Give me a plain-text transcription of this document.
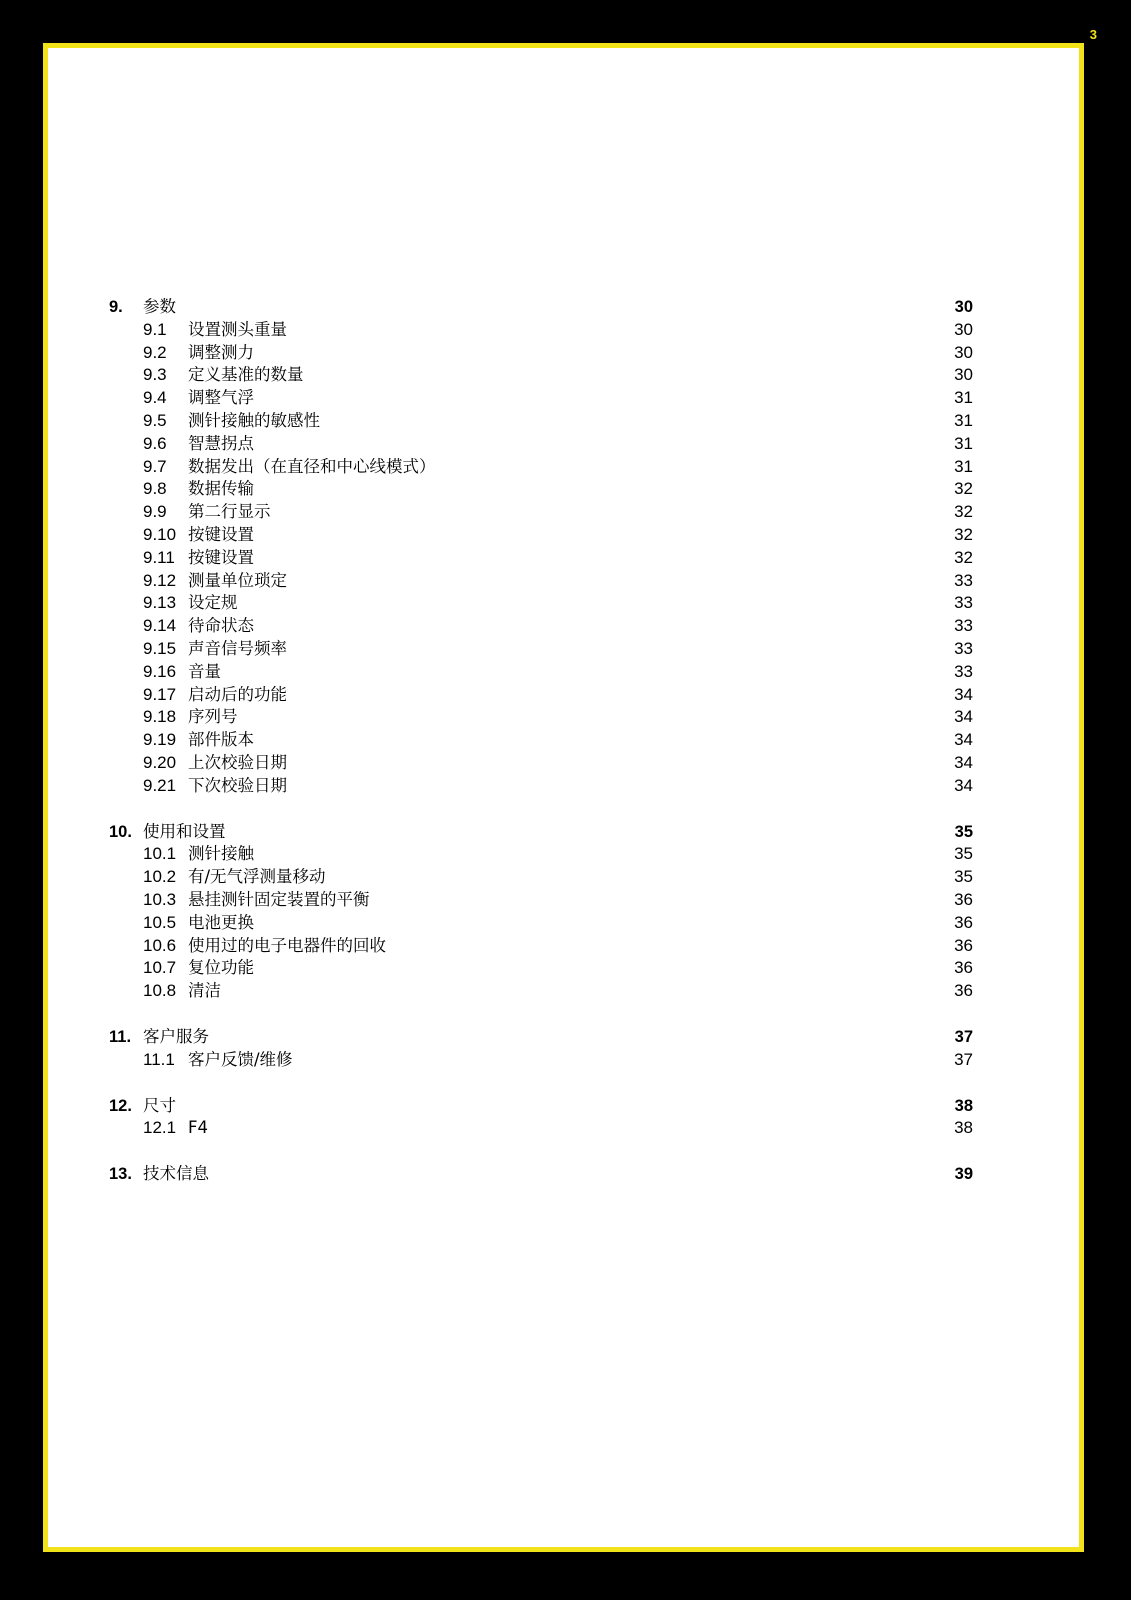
3
9. 参数	30
9.1 设置测头重量	30
9.2 调整测力	30
9.3 定义基准的数量	30
9.4 调整气浮	31
9.5 测针接触的敏感性	31
9.6 智慧拐点	31
9.7 数据发出（在直径和中心线模式）	31
9.8 数据传输	32
9.9 第二行显示	32
9.10 按键设置	32
9.11 按键设置	32
9.12 测量单位琐定	33
9.13 设定规	33
9.14 待命状态	33
9.15 声音信号频率	33
9.16 音量	33
9.17 启动后的功能	34
9.18 序列号	34
9.19 部件版本	34
9.20 上次校验日期	34
9.21 下次校验日期	34
10. 使用和设置	35
10.1 测针接触	35
10.2 有/无气浮测量移动	35
10.3 悬挂测针固定装置的平衡	36
10.5 电池更换	36
10.6 使用过的电子电器件的回收	36
10.7 复位功能	36
10.8 清洁	36
11. 客户服务	37
11.1 客户反馈/维修	37
12. 尺寸	38
12.1 F4	38
13. 技术信息	39
